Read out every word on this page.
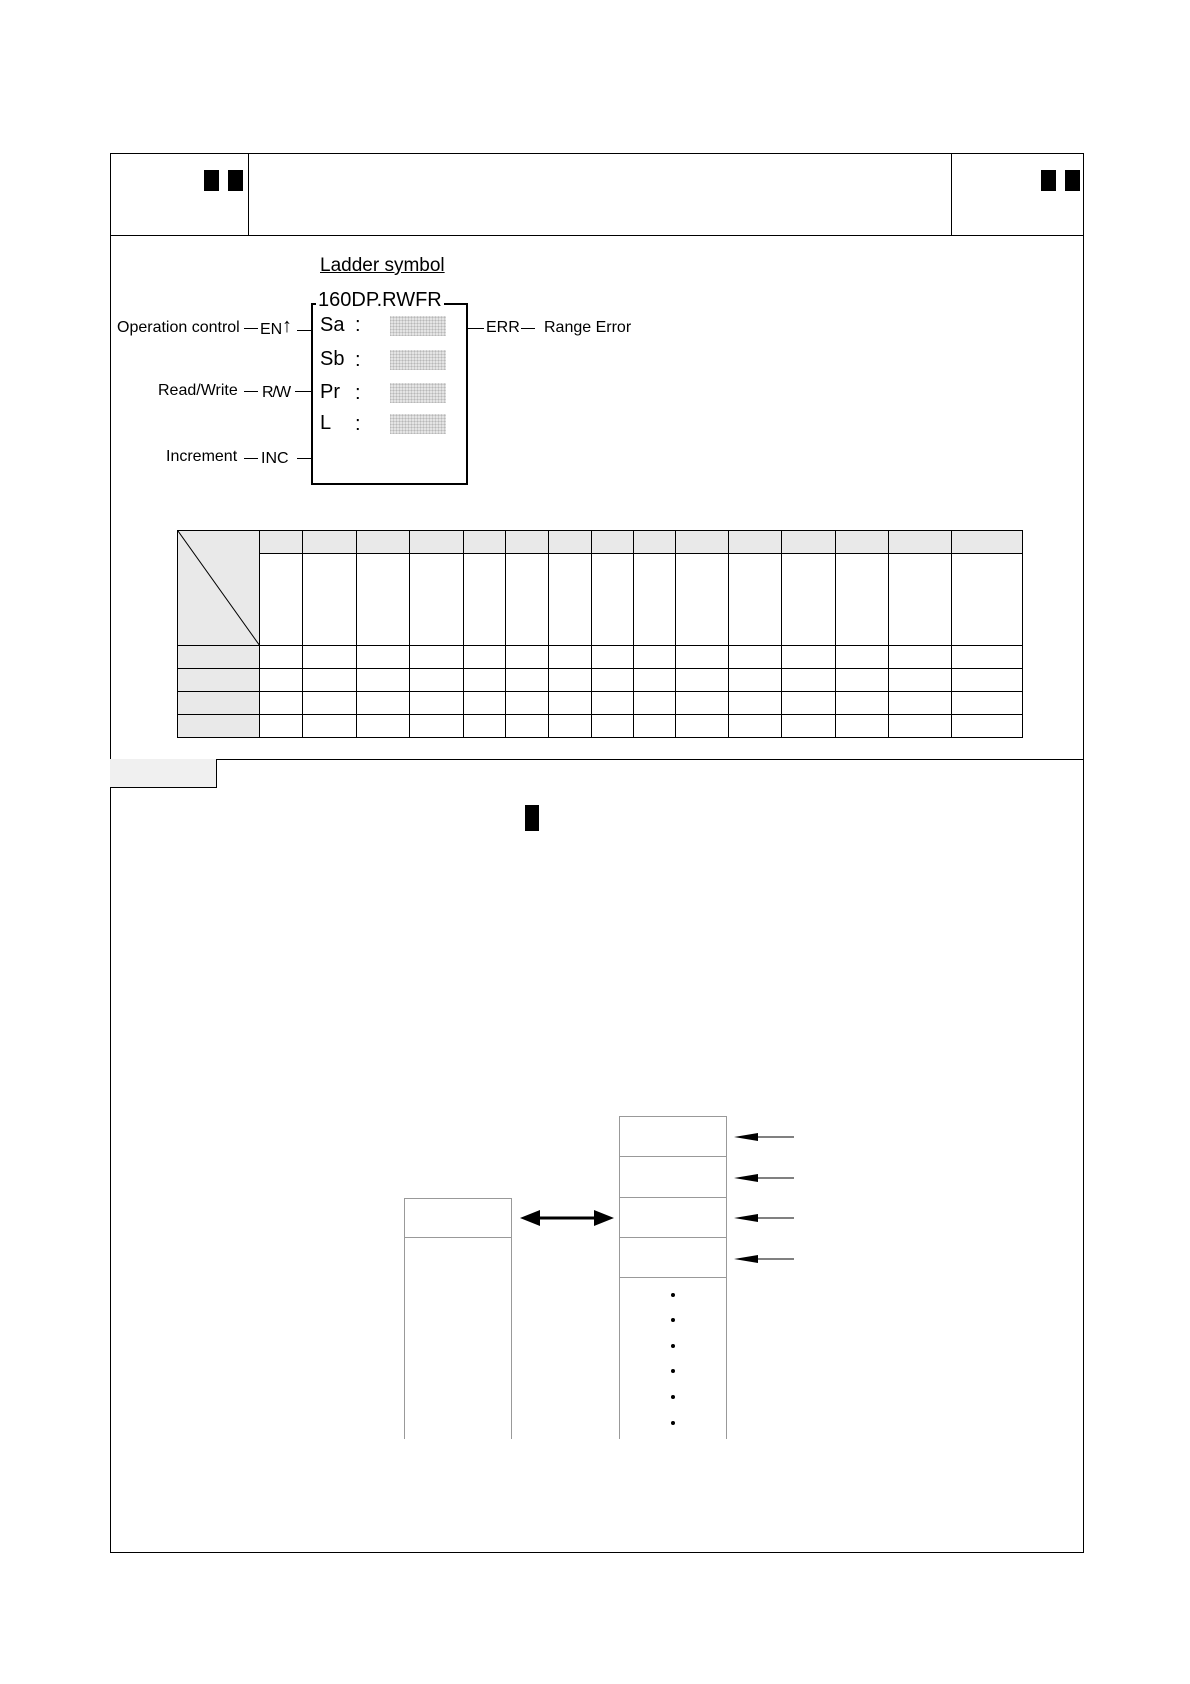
Ladder symbol
160DP.RWFR
Sa :
Sb :
Pr :
L :
Operation control EN ↑
Read/Write R/W
Increment INC
ERR Range Error
